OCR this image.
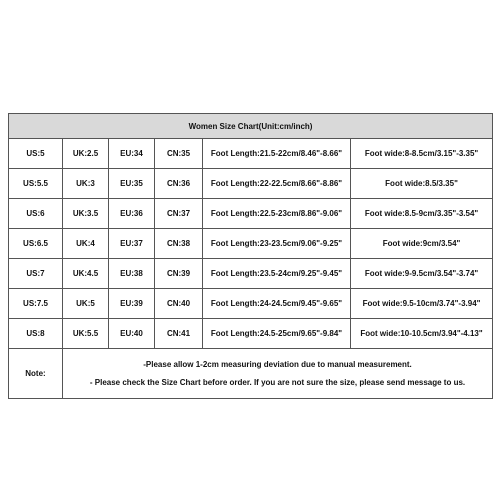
Women Size Chart(Unit:cm/inch)					
US:5	UK:2.5	EU:34	CN:35	Foot Length:21.5-22cm/8.46"-8.66"	Foot wide:8-8.5cm/3.15"-3.35"
US:5.5	UK:3	EU:35	CN:36	Foot Length:22-22.5cm/8.66"-8.86"	Foot wide:8.5/3.35"
US:6	UK:3.5	EU:36	CN:37	Foot Length:22.5-23cm/8.86"-9.06"	Foot wide:8.5-9cm/3.35"-3.54"
US:6.5	UK:4	EU:37	CN:38	Foot Length:23-23.5cm/9.06"-9.25"	Foot wide:9cm/3.54"
US:7	UK:4.5	EU:38	CN:39	Foot Length:23.5-24cm/9.25"-9.45"	Foot wide:9-9.5cm/3.54"-3.74"
US:7.5	UK:5	EU:39	CN:40	Foot Length:24-24.5cm/9.45"-9.65"	Foot wide:9.5-10cm/3.74"-3.94"
US:8	UK:5.5	EU:40	CN:41	Foot Length:24.5-25cm/9.65"-9.84"	Foot wide:10-10.5cm/3.94"-4.13"
Note:	-Please allow 1-2cm measuring deviation due to manual measurement.
- Please check the Size Chart before order. If you are not sure the size, please send message to us.				
